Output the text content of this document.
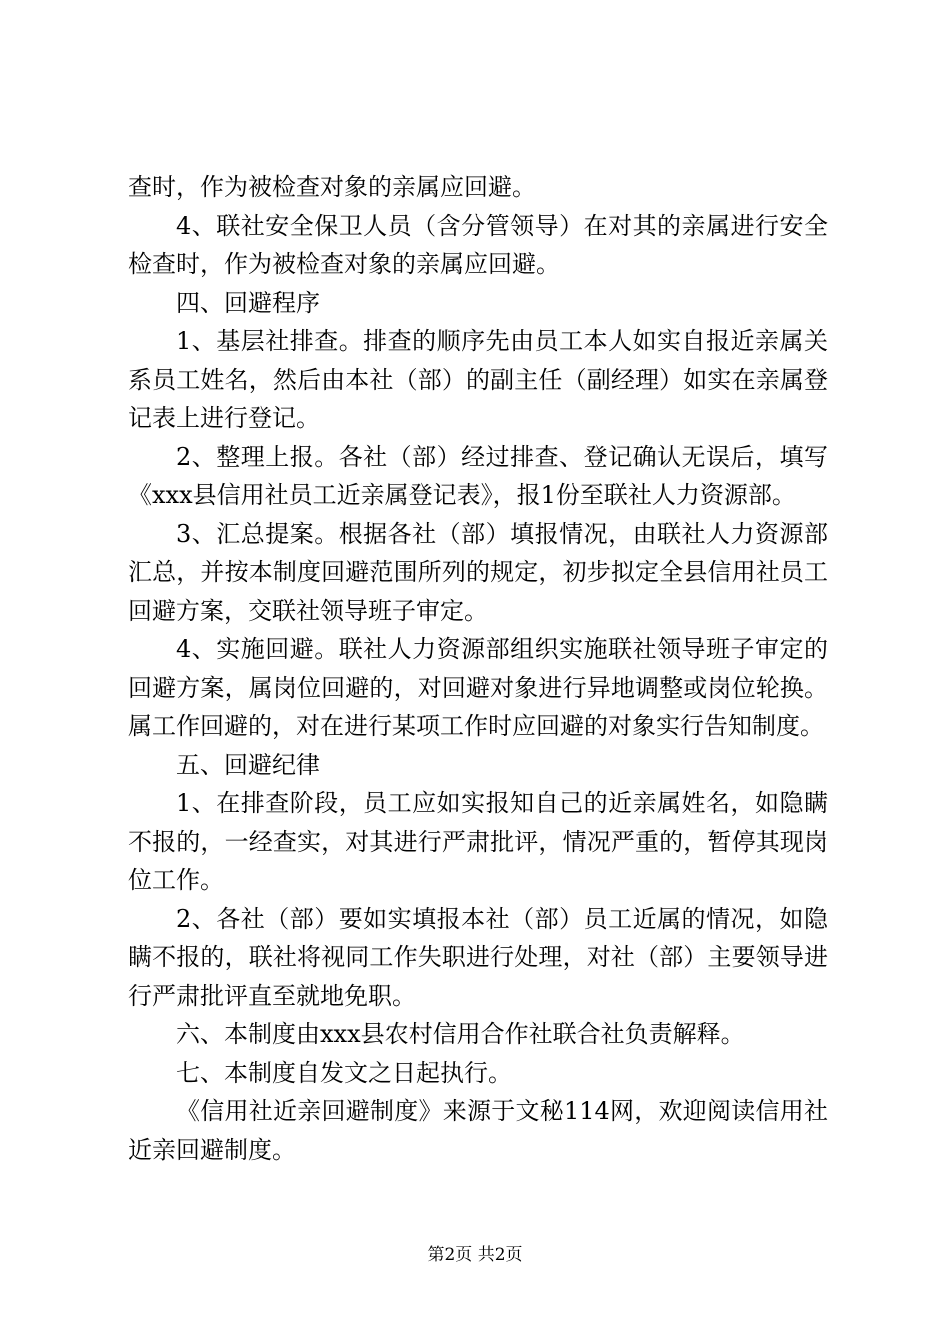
查时，作为被检查对象的亲属应回避。

4、联社安全保卫人员（含分管领导）在对其的亲属进行安全检查时，作为被检查对象的亲属应回避。

四、回避程序

1、基层社排查。排查的顺序先由员工本人如实自报近亲属关系员工姓名，然后由本社（部）的副主任（副经理）如实在亲属登记表上进行登记。

2、整理上报。各社（部）经过排查、登记确认无误后，填写《xxx县信用社员工近亲属登记表》，报1份至联社人力资源部。

3、汇总提案。根据各社（部）填报情况，由联社人力资源部汇总，并按本制度回避范围所列的规定，初步拟定全县信用社员工回避方案，交联社领导班子审定。

4、实施回避。联社人力资源部组织实施联社领导班子审定的回避方案，属岗位回避的，对回避对象进行异地调整或岗位轮换。属工作回避的，对在进行某项工作时应回避的对象实行告知制度。

五、回避纪律

1、在排查阶段，员工应如实报知自己的近亲属姓名，如隐瞒不报的，一经查实，对其进行严肃批评，情况严重的，暂停其现岗位工作。

2、各社（部）要如实填报本社（部）员工近属的情况，如隐瞒不报的，联社将视同工作失职进行处理，对社（部）主要领导进行严肃批评直至就地免职。

六、本制度由xxx县农村信用合作社联合社负责解释。

七、本制度自发文之日起执行。

《信用社近亲回避制度》来源于文秘114网，欢迎阅读信用社近亲回避制度。

第2页 共2页
